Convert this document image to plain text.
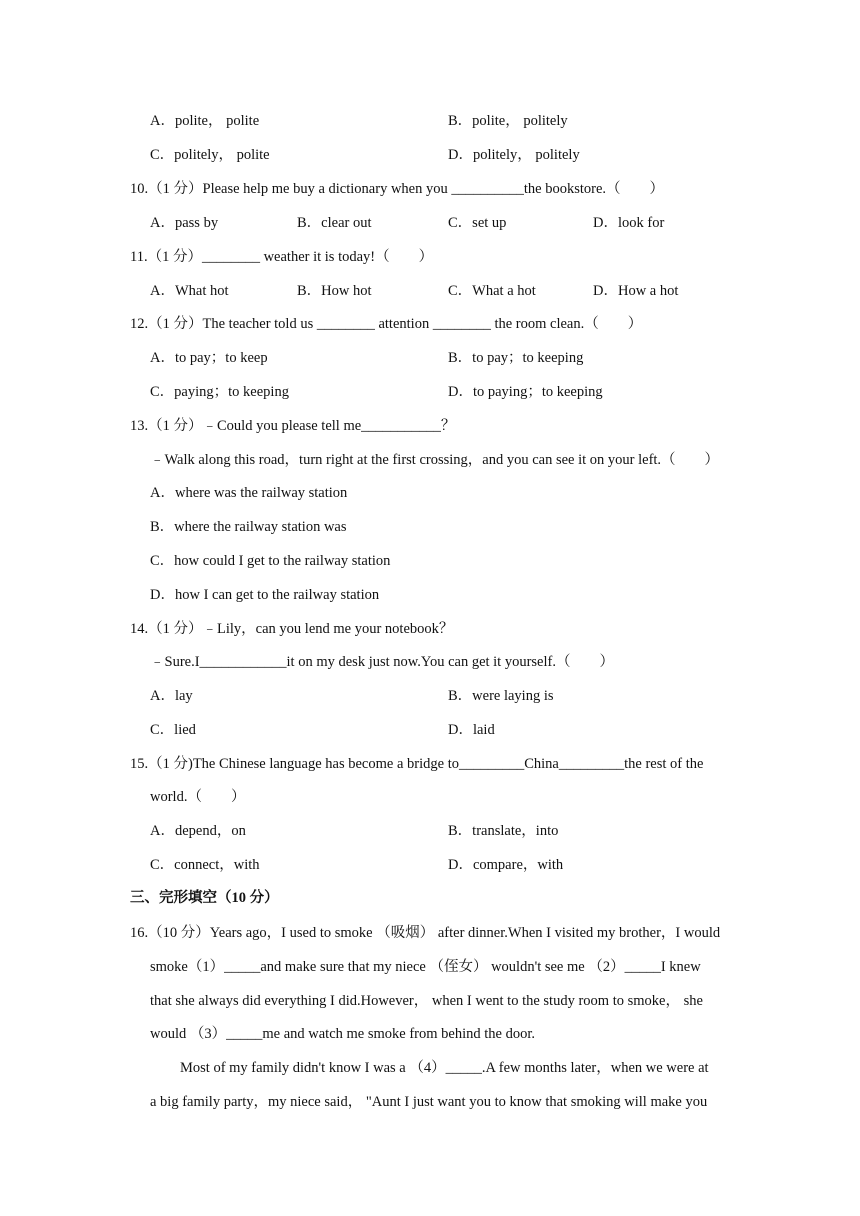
A．polite， polite	B．polite， politely
C．politely， polite	D．politely， politely
10.（1 分）Please help me buy a dictionary when you __________the bookstore.（　　）
A．pass by	B．clear out	C．set up	D．look for
11.（1 分）________ weather it is today!（　　）
A．What hot	B．How hot	C．What a hot	D．How a hot
12.（1 分）The teacher told us ________ attention ________ the room clean.（　　）
A．to pay；to keep	B．to pay；to keeping
C．paying；to keeping	D．to paying；to keeping
13.（1 分）﹣Could you please tell me___________？
﹣Walk along this road，turn right at the first crossing，and you can see it on your left.（　　）
A．where was the railway station
B．where the railway station was
C．how could I get to the railway station
D．how I can get to the railway station
14.（1 分）﹣Lily，can you lend me your notebook？
﹣Sure.I____________it on my desk just now.You can get it yourself.（　　）
A．lay	B．were laying is
C．lied	D．laid
15.（1 分)The Chinese language has become a bridge to_________China_________the rest of the
world.（　　）
A．depend，on	B．translate，into
C．connect，with	D．compare，with
三、完形填空（10 分）
16.（10 分）Years ago，I used to smoke （吸烟） after dinner.When I visited my brother，I would
smoke（1）_____and make sure that my niece （侄女） wouldn't see me （2）_____I knew
that she always did everything I did.However， when I went to the study room to smoke， she
would （3）_____me and watch me smoke from behind the door.
Most of my family didn't know I was a （4）_____.A few months later，when we were at
a big family party，my niece said， "Aunt I just want you to know that smoking will make you
